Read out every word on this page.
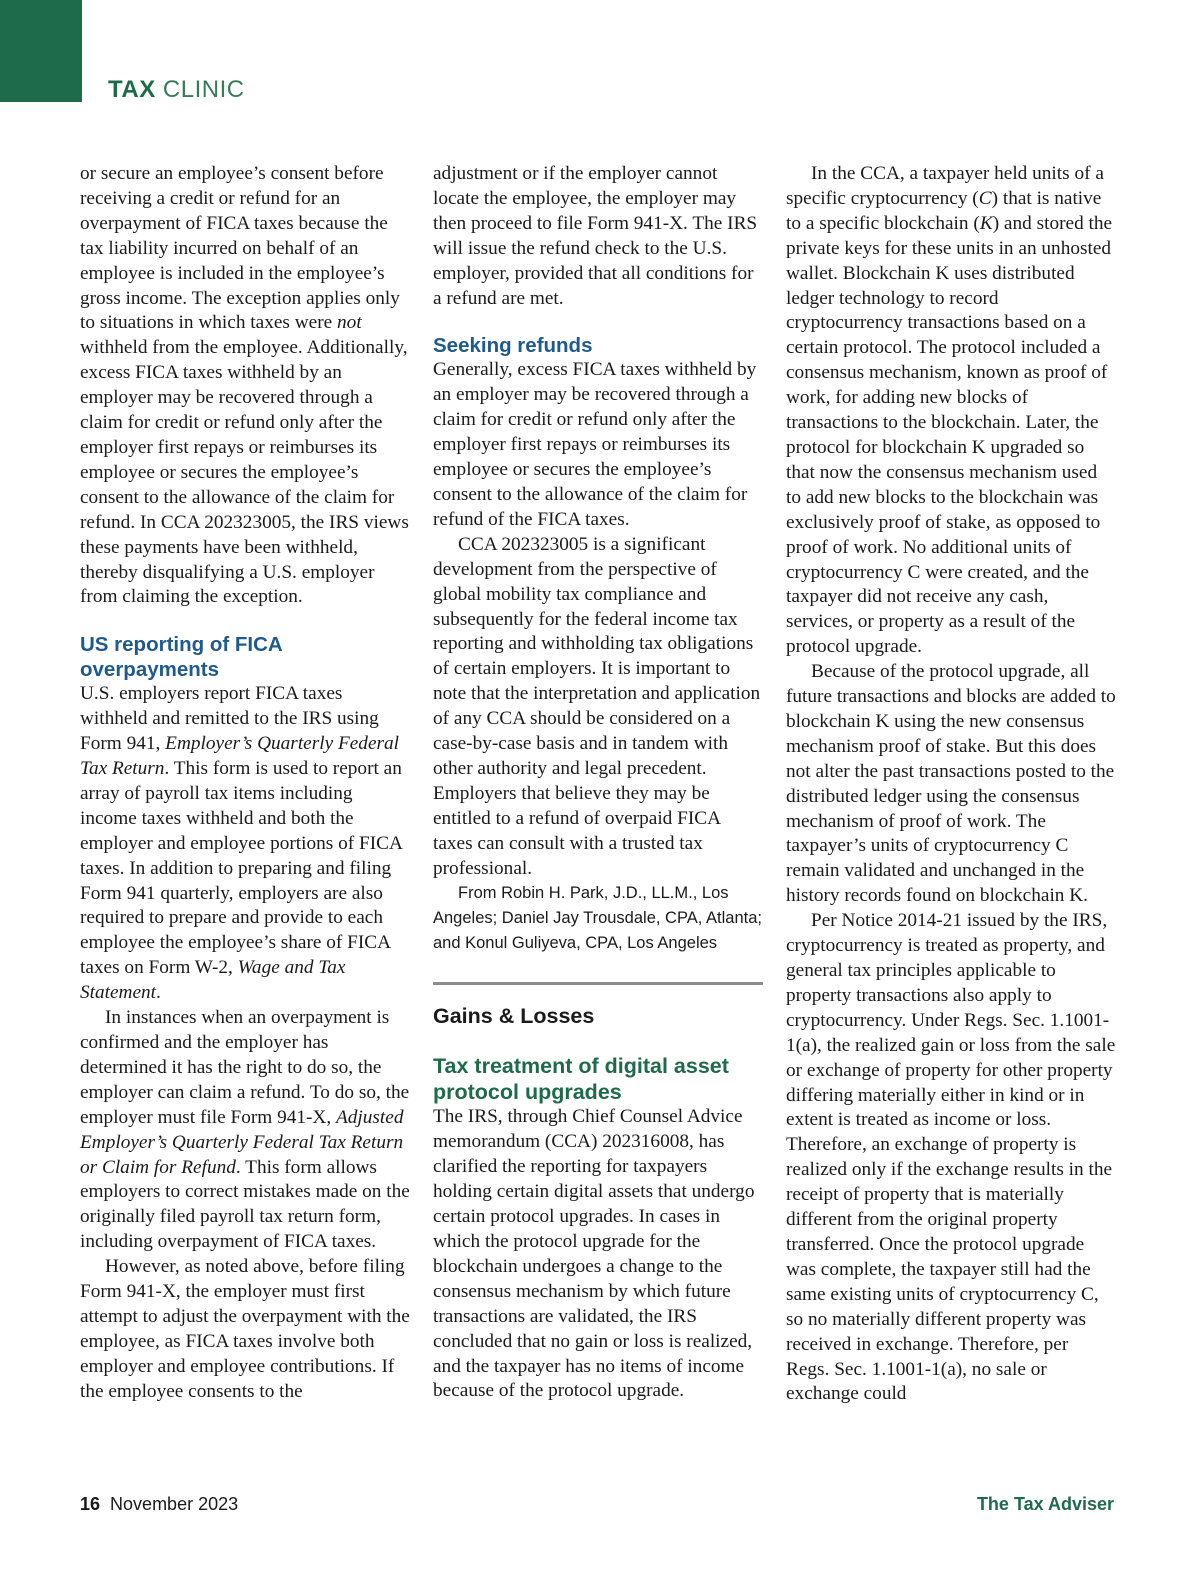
TAX CLINIC

or secure an employee’s consent before receiving a credit or refund for an overpayment of FICA taxes because the tax liability incurred on behalf of an employee is included in the employee’s gross income. The exception applies only to situations in which taxes were not withheld from the employee. Additionally, excess FICA taxes withheld by an employer may be recovered through a claim for credit or refund only after the employer first repays or reimburses its employee or secures the employee’s consent to the allowance of the claim for refund. In CCA 202323005, the IRS views these payments have been withheld, thereby disqualifying a U.S. employer from claiming the exception.

US reporting of FICA overpayments

U.S. employers report FICA taxes withheld and remitted to the IRS using Form 941, Employer’s Quarterly Federal Tax Return. This form is used to report an array of payroll tax items including income taxes withheld and both the employer and employee portions of FICA taxes. In addition to preparing and filing Form 941 quarterly, employers are also required to prepare and provide to each employee the employee’s share of FICA taxes on Form W-2, Wage and Tax Statement.

In instances when an overpayment is confirmed and the employer has determined it has the right to do so, the employer can claim a refund. To do so, the employer must file Form 941-X, Adjusted Employer’s Quarterly Federal Tax Return or Claim for Refund. This form allows employers to correct mistakes made on the originally filed payroll tax return form, including overpayment of FICA taxes.

However, as noted above, before filing Form 941-X, the employer must first attempt to adjust the overpayment with the employee, as FICA taxes involve both employer and employee contributions. If the employee consents to the

adjustment or if the employer cannot locate the employee, the employer may then proceed to file Form 941-X. The IRS will issue the refund check to the U.S. employer, provided that all conditions for a refund are met.

Seeking refunds

Generally, excess FICA taxes withheld by an employer may be recovered through a claim for credit or refund only after the employer first repays or reimburses its employee or secures the employee’s consent to the allowance of the claim for refund of the FICA taxes.

CCA 202323005 is a significant development from the perspective of global mobility tax compliance and subsequently for the federal income tax reporting and withholding tax obligations of certain employers. It is important to note that the interpretation and application of any CCA should be considered on a case-by-case basis and in tandem with other authority and legal precedent. Employers that believe they may be entitled to a refund of overpaid FICA taxes can consult with a trusted tax professional.

From Robin H. Park, J.D., LL.M., Los Angeles; Daniel Jay Trousdale, CPA, Atlanta; and Konul Guliyeva, CPA, Los Angeles

Gains & Losses
Tax treatment of digital asset protocol upgrades

The IRS, through Chief Counsel Advice memorandum (CCA) 202316008, has clarified the reporting for taxpayers holding certain digital assets that undergo certain protocol upgrades. In cases in which the protocol upgrade for the blockchain undergoes a change to the consensus mechanism by which future transactions are validated, the IRS concluded that no gain or loss is realized, and the taxpayer has no items of income because of the protocol upgrade.

In the CCA, a taxpayer held units of a specific cryptocurrency (C) that is native to a specific blockchain (K) and stored the private keys for these units in an unhosted wallet. Blockchain K uses distributed ledger technology to record cryptocurrency transactions based on a certain protocol. The protocol included a consensus mechanism, known as proof of work, for adding new blocks of transactions to the blockchain. Later, the protocol for blockchain K upgraded so that now the consensus mechanism used to add new blocks to the blockchain was exclusively proof of stake, as opposed to proof of work. No additional units of cryptocurrency C were created, and the taxpayer did not receive any cash, services, or property as a result of the protocol upgrade.

Because of the protocol upgrade, all future transactions and blocks are added to blockchain K using the new consensus mechanism proof of stake. But this does not alter the past transactions posted to the distributed ledger using the consensus mechanism of proof of work. The taxpayer’s units of cryptocurrency C remain validated and unchanged in the history records found on blockchain K.

Per Notice 2014-21 issued by the IRS, cryptocurrency is treated as property, and general tax principles applicable to property transactions also apply to cryptocurrency. Under Regs. Sec. 1.1001-1(a), the realized gain or loss from the sale or exchange of property for other property differing materially either in kind or in extent is treated as income or loss. Therefore, an exchange of property is realized only if the exchange results in the receipt of property that is materially different from the original property transferred. Once the protocol upgrade was complete, the taxpayer still had the same existing units of cryptocurrency C, so no materially different property was received in exchange. Therefore, per Regs. Sec. 1.1001-1(a), no sale or exchange could

16 November 2023	The Tax Adviser
